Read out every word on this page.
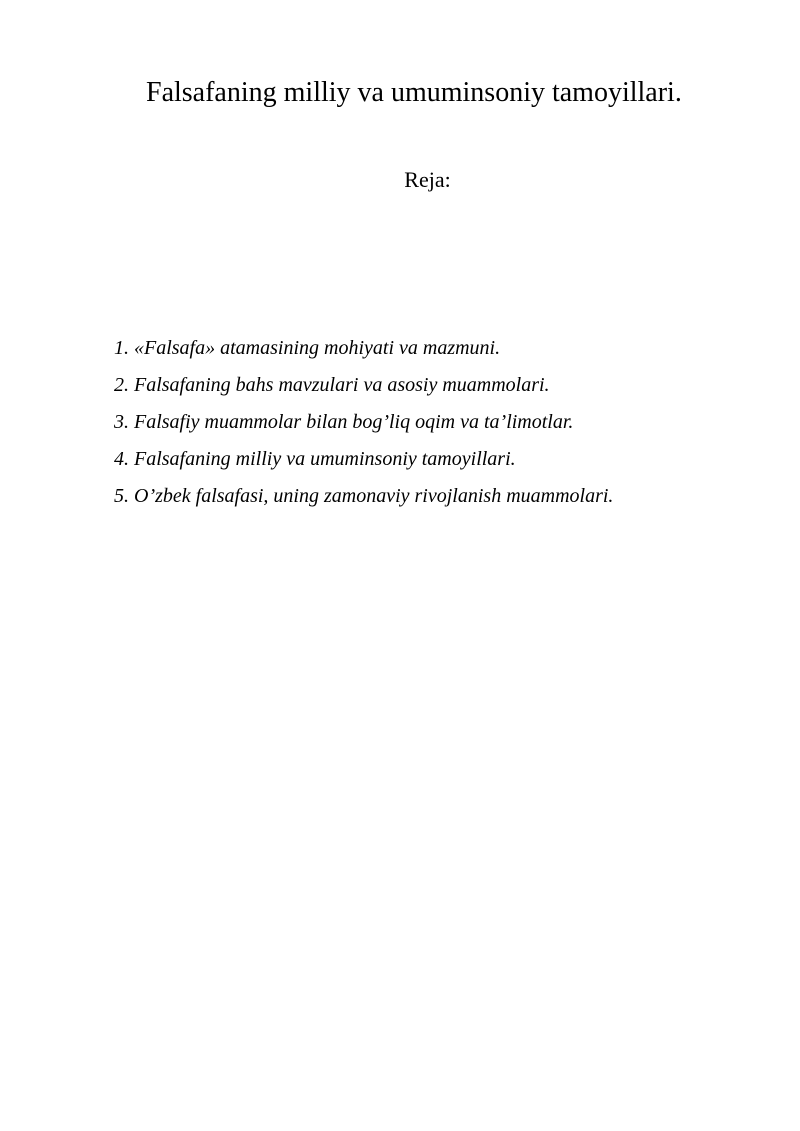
Falsafaning milliy va umuminsoniy tamoyillari.
Reja:
1. «Falsafa» atamasining mohiyati va mazmuni.
2. Falsafaning bahs mavzulari va asosiy muammolari.
3. Falsafiy muammolar bilan bog’liq oqim va ta’limotlar.
4. Falsafaning milliy va umuminsoniy tamoyillari.
5. O’zbek falsafasi, uning zamonaviy rivojlanish muammolari.
